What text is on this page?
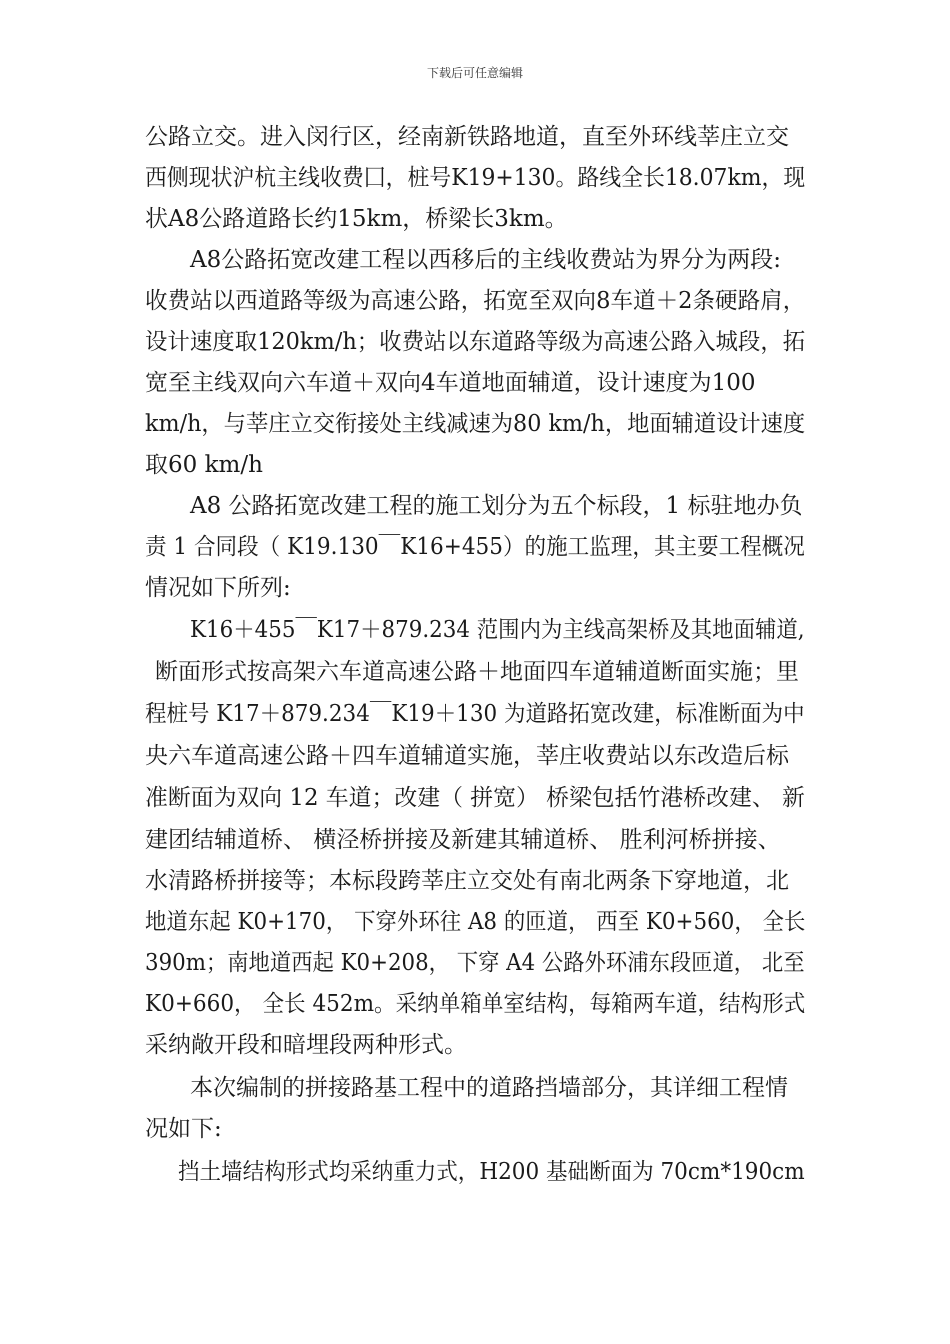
下载后可任意编辑
公路立交。进入闵行区，经南新铁路地道，直至外环线莘庄立交
西侧现状沪杭主线收费囗，桩号K19+130。路线全长18.07km，现
状A8公路道路长约15km，桥梁长3km。
A8公路拓宽改建工程以西移后的主线收费站为界分为两段:
收费站以西道路等级为高速公路，拓宽至双向8车道＋2条硬路肩，
设计速度取120km/h；收费站以东道路等级为高速公路入城段，拓
宽至主线双向六车道＋双向4车道地面辅道，设计速度为100
km/h，与莘庄立交衔接处主线减速为80 km/h，地面辅道设计速度
取60 km/h
A8 公路拓宽改建工程的施工划分为五个标段，1 标驻地办负
责 1 合同段（ K19.130￣K16+455）的施工监理，其主要工程概况
情况如下所列:
K16＋455￣K17＋879.234 范围内为主线高架桥及其地面辅道,
断面形式按高架六车道高速公路＋地面四车道辅道断面实施；里
程桩号 K17＋879.234￣K19＋130 为道路拓宽改建，标准断面为中
央六车道高速公路＋四车道辅道实施，莘庄收费站以东改造后标
准断面为双向 12 车道；改建（ 拼宽） 桥梁包括竹港桥改建、 新
建团结辅道桥、 横泾桥拼接及新建其辅道桥、 胜利河桥拼接、
水清路桥拼接等；本标段跨莘庄立交处有南北两条下穿地道，北
地道东起 K0+170， 下穿外环往 A8 的匝道， 西至 K0+560， 全长
390m；南地道西起 K0+208， 下穿 A4 公路外环浦东段匝道， 北至
K0+660， 全长 452m。采纳单箱单室结构，每箱两车道，结构形式
采纳敞开段和暗埋段两种形式。
本次编制的拼接路基工程中的道路挡墙部分，其详细工程情
况如下:
挡土墙结构形式均采纳重力式，H200 基础断面为 70cm*190cm
